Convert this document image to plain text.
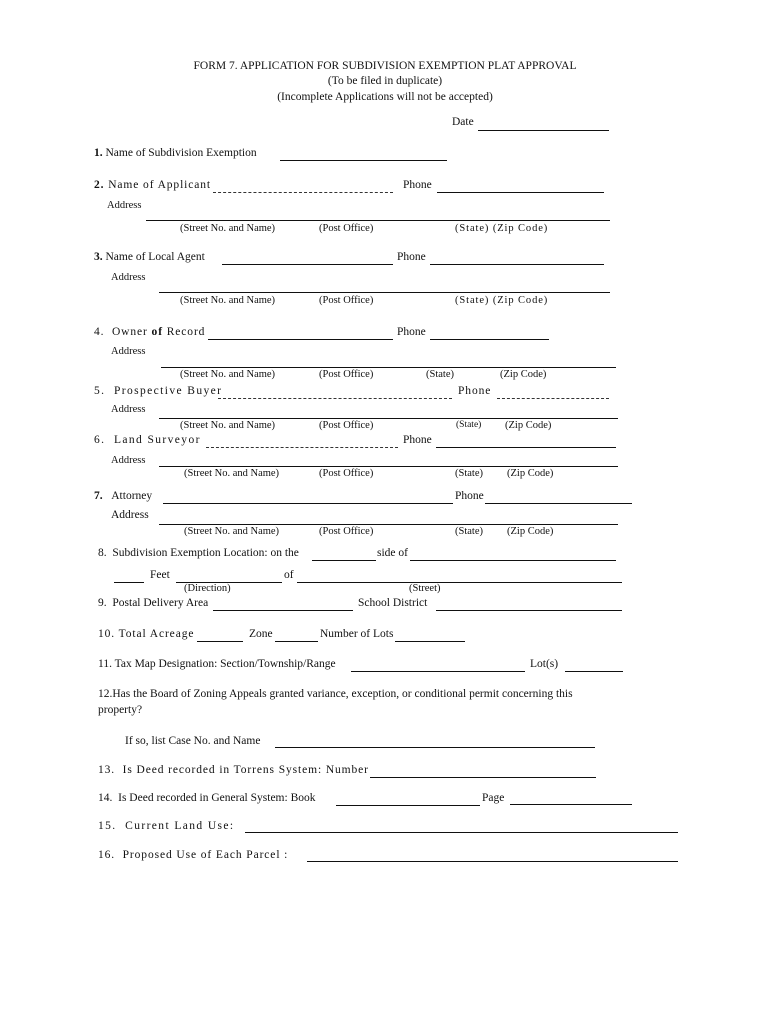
FORM 7. APPLICATION FOR SUBDIVISION EXEMPTION PLAT APPROVAL
(To be filed in duplicate)
(Incomplete Applications will not be accepted)
Date
1. Name of Subdivision Exemption
2. Name of Applicant	Phone
Address
(Street No. and Name)	(Post Office)	(State) (Zip Code)
3. Name of Local Agent	Phone
Address
(Street No. and Name)	(Post Office)	(State) (Zip Code)
4.  Owner of Record	Phone
Address
(Street No. and Name)	(Post Office)	(State)	(Zip Code)
5.  Prospective Buyer	Phone
Address
(Street No. and Name)	(Post Office)	(State) (Zip Code)
6.  Land Surveyor	Phone
Address
(Street No. and Name)	(Post Office)	(State) (Zip Code)
7. Attorney	Phone
Address
(Street No. and Name)	(Post Office)	(State) (Zip Code)
8.  Subdivision Exemption Location: on the	side of
Feet	of
(Direction)	(Street)
9.  Postal Delivery Area	School District
10. Total Acreage	Zone	Number of Lots
11. Tax Map Designation: Section/Township/Range	Lot(s)
12.Has the Board of Zoning Appeals granted variance, exception, or conditional permit concerning this
property?
If so, list Case No. and Name
13.  Is Deed recorded in Torrens System: Number
14.  Is Deed recorded in General System: Book	Page
15.  Current Land Use:
16.  Proposed Use of Each Parcel :
